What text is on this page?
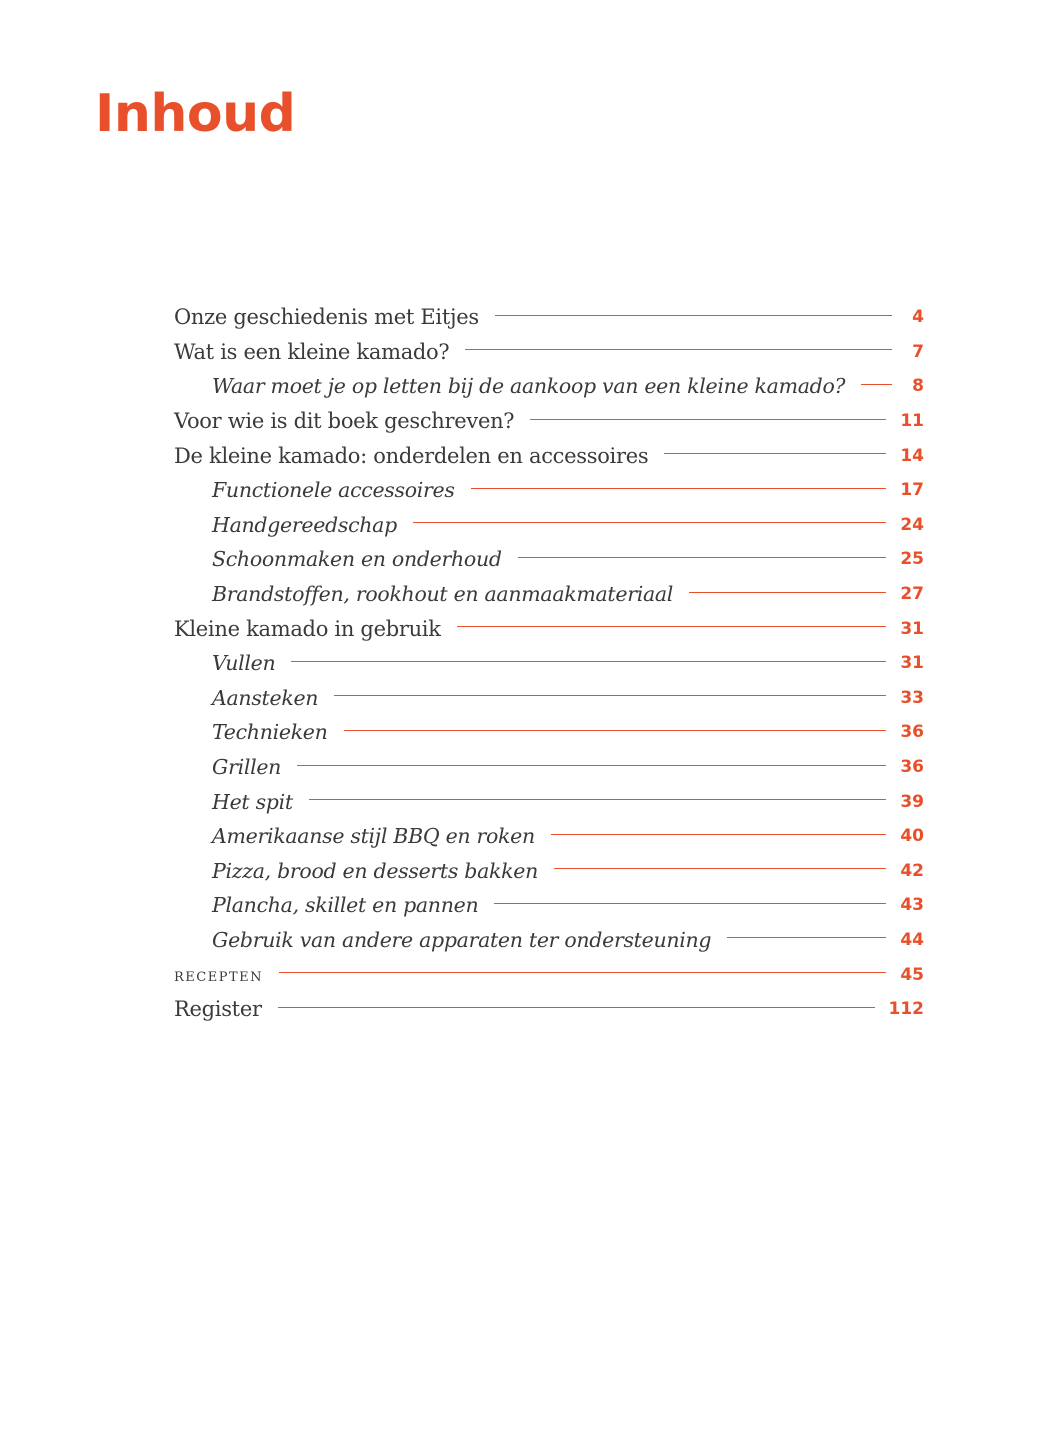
Inhoud
Onze geschiedenis met Eitjes	4
Wat is een kleine kamado?	7
Waar moet je op letten bij de aankoop van een kleine kamado?	8
Voor wie is dit boek geschreven?	11
De kleine kamado: onderdelen en accessoires	14
Functionele accessoires	17
Handgereedschap	24
Schoonmaken en onderhoud	25
Brandstoffen, rookhout en aanmaakmateriaal	27
Kleine kamado in gebruik	31
Vullen	31
Aansteken	33
Technieken	36
Grillen	36
Het spit	39
Amerikaanse stijl BBQ en roken	40
Pizza, brood en desserts bakken	42
Plancha, skillet en pannen	43
Gebruik van andere apparaten ter ondersteuning	44
recepten	45
Register	112
